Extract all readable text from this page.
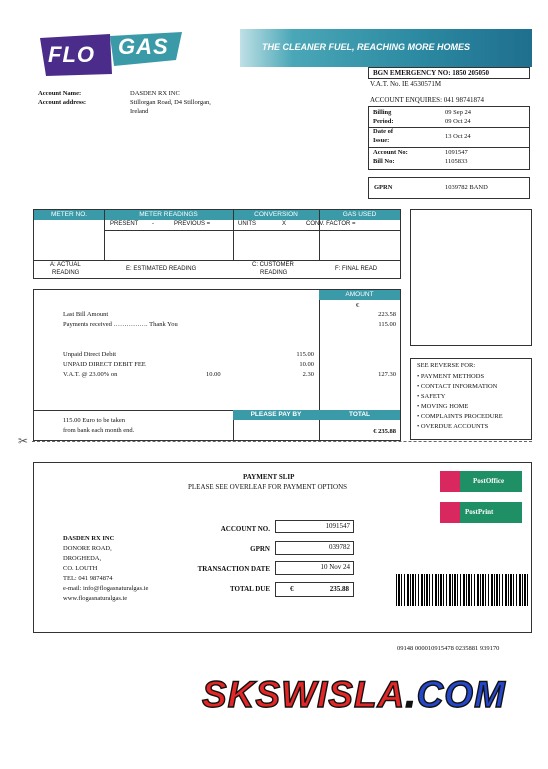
FLO GAS	THE CLEANER FUEL, REACHING MORE HOMES
BGN EMERGENCY NO: 1850 205050
V.A.T. No. IE 4530571M
ACCOUNT ENQUIRES: 041 98741874
Account Name:	DASDEN RX INC
Account address:	Stillorgan Road, D4 Stillorgan,
Ireland	Billing	09 Sep 24
Period:	09 Oct 24
Date of
Issue:
13 Oct 24
Account No:	1091547
Bill No:	1105833
GPRN	1039782 BAND
METER NO.	METER READINGS	CONVERSION	GAS USED
PRESENT -	PREVIOUS =	UNITS	X	CONV. FACTOR =
A: ACTUAL
READING
E: ESTIMATED READING
C: CUSTOMER
READING
F: FINAL READ
AMOUNT
PLEASE PAY BY	TOTAL
€
Last Bill Amount	223.58
Payments received ……………. Thank You	115.00
Unpaid Direct Debit	115.00
UNPAID DIRECT DEBIT FEE	10.00
V.A.T. @ 23.00% on	10.00	2.30	127.30
115.00 Euro to be taken
from bank each month end.	€ 235.88
SEE REVERSE FOR:
• PAYMENT METHODS
• CONTACT INFORMATION
• SAFETY
• MOVING HOME
• COMPLAINTS PROCEDURE
• OVERDUE ACCOUNTS
✂
PAYMENT SLIP
PLEASE SEE OVERLEAF FOR PAYMENT OPTIONS
PostOffice
PostPrint
ACCOUNT NO.	1091547
GPRN	039782
TRANSACTION DATE	10 Nov 24
TOTAL DUE	€	235.88
DASDEN RX INC
DONORE ROAD,
DROGHEDA,
CO. LOUTH
TEL: 041 9874874
e-mail: info@flogasnaturalgas.ie
www.flogasnaturalgas.ie
09148 000010915478 0235881 939170
SKSWISLA.COM
